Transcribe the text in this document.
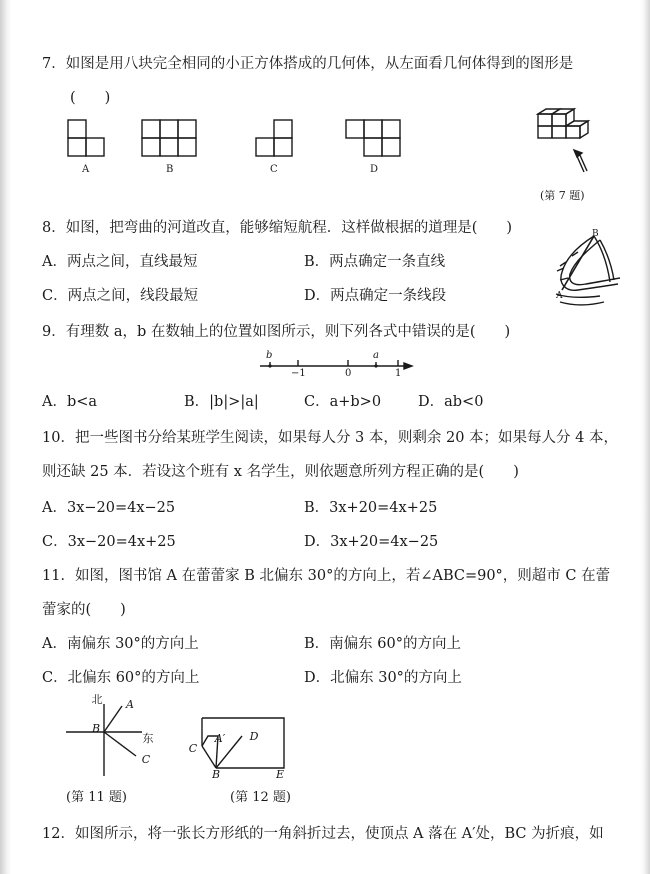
7．如图是用八块完全相同的小正方体搭成的几何体，从左面看几何体得到的图形是
(　　)
A	B	C	D
(第 7 题)
8．如图，把弯曲的河道改直，能够缩短航程．这样做根据的道理是(　　)
A．两点之间，直线最短	B．两点确定一条直线
C．两点之间，线段最短	D．两点确定一条线段
B
A
9．有理数 a，b 在数轴上的位置如图所示，则下列各式中错误的是(　　)
b	a
−1	0	1
A．b<a	B．|b|>|a|	C．a+b>0	D．ab<0
10．把一些图书分给某班学生阅读，如果每人分 3 本，则剩余 20 本；如果每人分 4 本，
则还缺 25 本．若设这个班有 x 名学生，则依题意所列方程正确的是(　　)
A．3x−20=4x−25	B．3x+20=4x+25
C．3x−20=4x+25	D．3x+20=4x−25
11．如图，图书馆 A 在蕾蕾家 B 北偏东 30°的方向上，若∠ABC=90°，则超市 C 在蕾
蕾家的(　　)
A．南偏东 30°的方向上	B．南偏东 60°的方向上
C．北偏东 60°的方向上	D．北偏东 30°的方向上
北	A
B
东
C
(第 11 题)
A′	D
C
B	E
(第 12 题)
12．如图所示，将一张长方形纸的一角斜折过去，使顶点 A 落在 A′处，BC 为折痕，如
